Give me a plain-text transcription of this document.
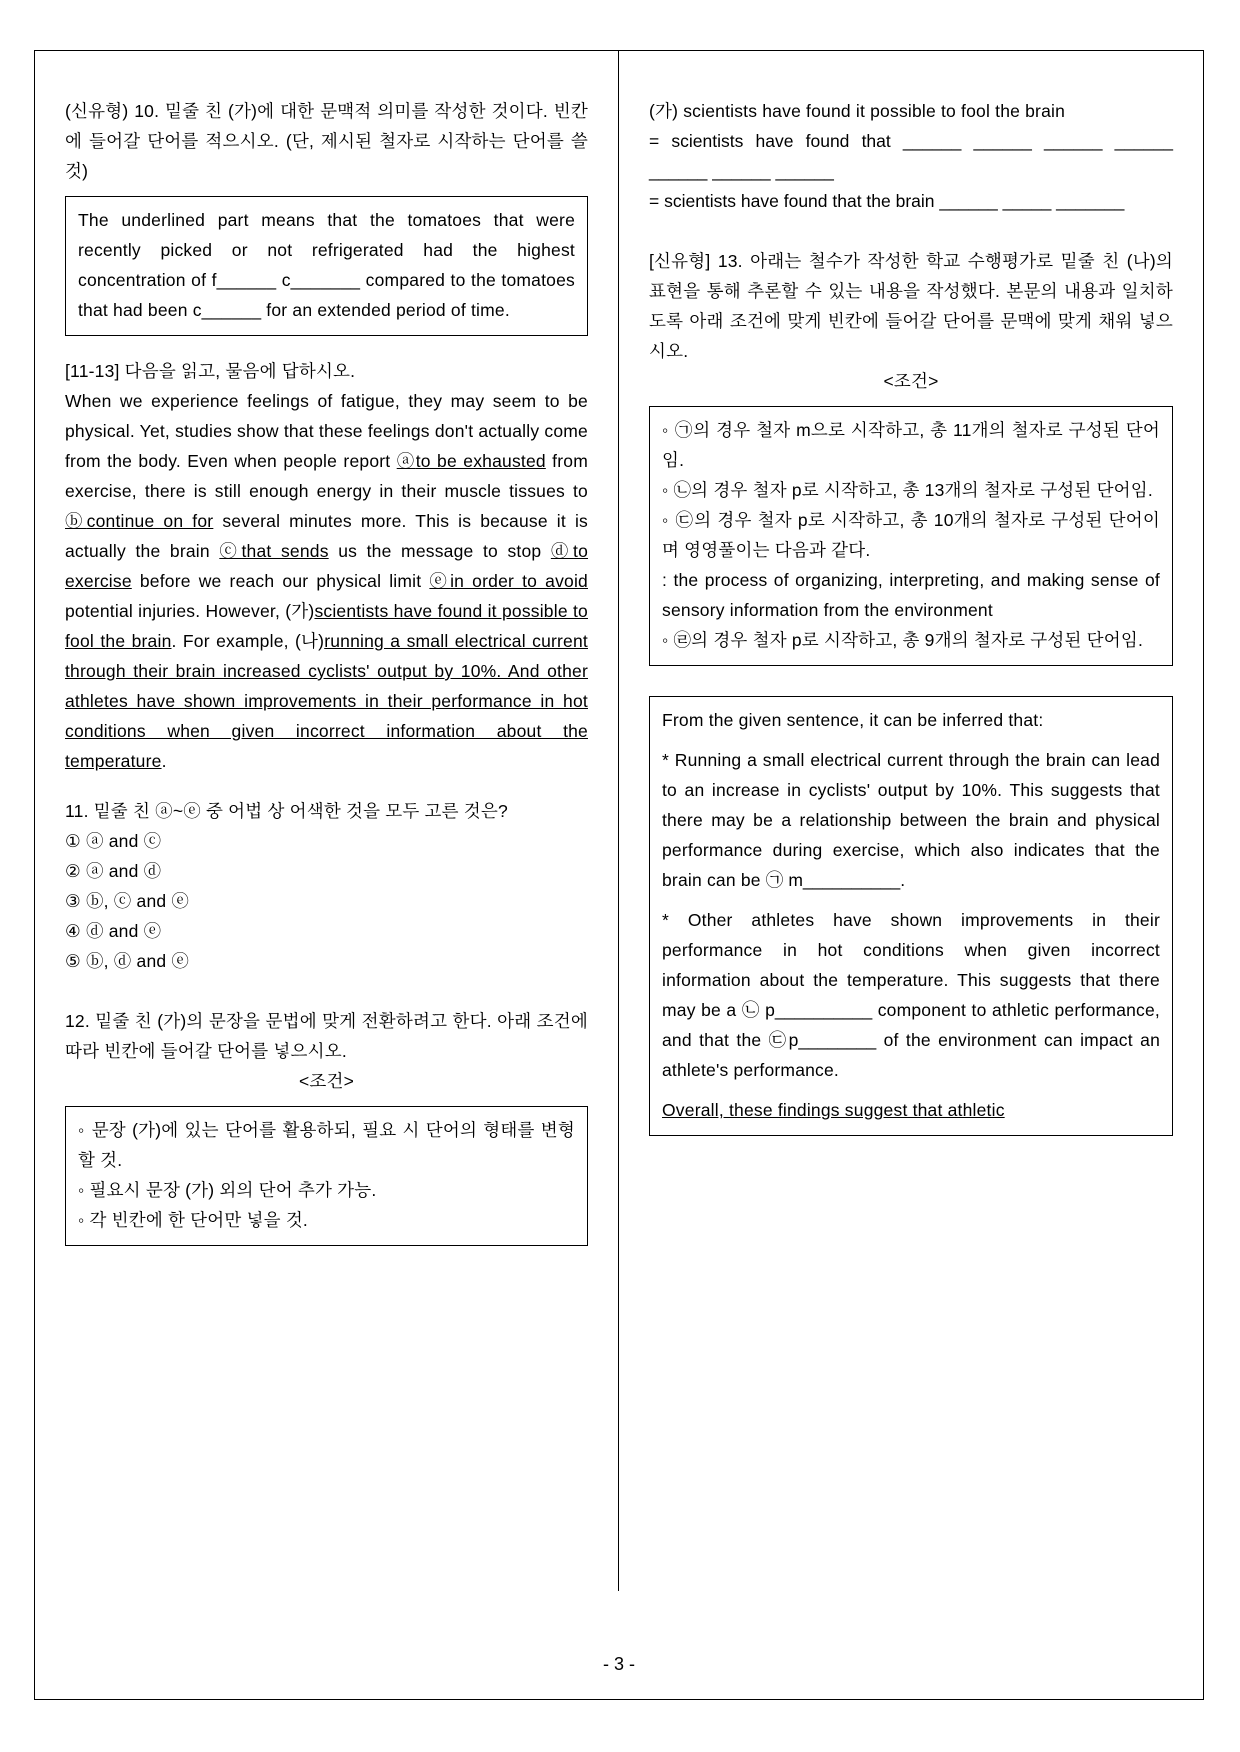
(신유형) 10. 밑줄 친 (가)에 대한 문맥적 의미를 작성한 것이다. 빈칸에 들어갈 단어를 적으시오. (단, 제시된 철자로 시작하는 단어를 쓸 것)
The underlined part means that the tomatoes that were recently picked or not refrigerated had the highest concentration of f______ c_______ compared to the tomatoes that had been c______ for an extended period of time.
[11-13] 다음을 읽고, 물음에 답하시오.
When we experience feelings of fatigue, they may seem to be physical. Yet, studies show that these feelings don't actually come from the body. Even when people report ⓐto be exhausted from exercise, there is still enough energy in their muscle tissues to ⓑcontinue on for several minutes more. This is because it is actually the brain ⓒthat sends us the message to stop ⓓto exercise before we reach our physical limit ⓔin order to avoid potential injuries. However, (가)scientists have found it possible to fool the brain. For example, (나)running a small electrical current through their brain increased cyclists' output by 10%. And other athletes have shown improvements in their performance in hot conditions when given incorrect information about the temperature.
11. 밑줄 친 ⓐ~ⓔ 중 어법 상 어색한 것을 모두 고른 것은?
① ⓐ and ⓒ
② ⓐ and ⓓ
③ ⓑ, ⓒ and ⓔ
④ ⓓ and ⓔ
⑤ ⓑ, ⓓ and ⓔ
12. 밑줄 친 (가)의 문장을 문법에 맞게 전환하려고 한다. 아래 조건에 따라 빈칸에 들어갈 단어를 넣으시오.
<조건>
◦ 문장 (가)에 있는 단어를 활용하되, 필요 시 단어의 형태를 변형할 것.
◦ 필요시 문장 (가) 외의 단어 추가 가능.
◦ 각 빈칸에 한 단어만 넣을 것.
(가) scientists have found it possible to fool the brain
= scientists have found that ______ ______ ______ ______ ______ ______ ______
= scientists have found that the brain ______ _____ _______
[신유형] 13. 아래는 철수가 작성한 학교 수행평가로 밑줄 친 (나)의 표현을 통해 추론할 수 있는 내용을 작성했다. 본문의 내용과 일치하도록 아래 조건에 맞게 빈칸에 들어갈 단어를 문맥에 맞게 채워 넣으시오.
<조건>
◦ ㉠의 경우 철자 m으로 시작하고, 총 11개의 철자로 구성된 단어임.
◦ ㉡의 경우 철자 p로 시작하고, 총 13개의 철자로 구성된 단어임.
◦ ㉢의 경우 철자 p로 시작하고, 총 10개의 철자로 구성된 단어이며 영영풀이는 다음과 같다.
: the process of organizing, interpreting, and making sense of sensory information from the environment
◦ ㉣의 경우 철자 p로 시작하고, 총 9개의 철자로 구성된 단어임.
From the given sentence, it can be inferred that:
* Running a small electrical current through the brain can lead to an increase in cyclists' output by 10%. This suggests that there may be a relationship between the brain and physical performance during exercise, which also indicates that the brain can be ㉠ m__________.
* Other athletes have shown improvements in their performance in hot conditions when given incorrect information about the temperature. This suggests that there may be a ㉡ p__________ component to athletic performance, and that the ㉢p________ of the environment can impact an athlete's performance.
Overall, these findings suggest that athletic
- 3 -
